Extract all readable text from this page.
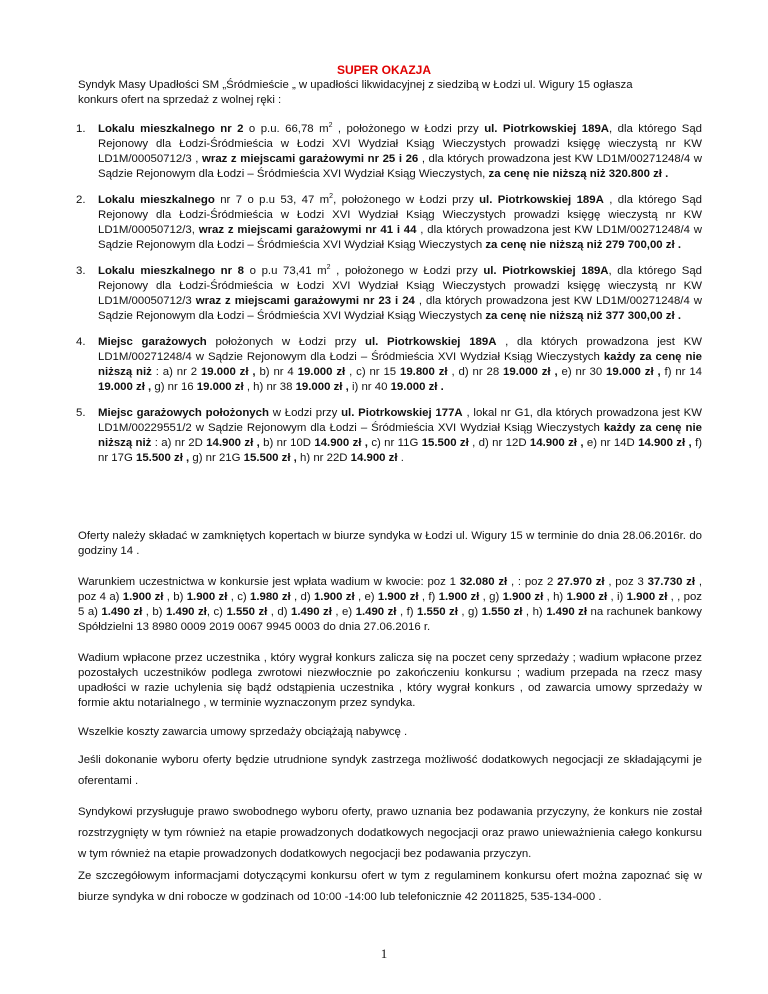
SUPER OKAZJA
Syndyk Masy Upadłości SM „Śródmieście „ w upadłości likwidacyjnej z siedzibą w Łodzi ul. Wigury 15 ogłasza
konkurs ofert na sprzedaż z wolnej ręki :
1. Lokalu mieszkalnego nr 2 o p.u. 66,78 $m^2$ , położonego w Łodzi przy ul. Piotrkowskiej 189A, dla którego Sąd Rejonowy dla Łodzi-Śródmieścia w Łodzi XVI Wydział Ksiąg Wieczystych prowadzi księgę wieczystą nr KW LD1M/00050712/3 , wraz z miejscami garażowymi nr 25 i 26 , dla których prowadzona jest KW LD1M/00271248/4 w Sądzie Rejonowym dla Łodzi – Śródmieścia XVI Wydział Ksiąg Wieczystych, za cenę nie niższą niż 320.800 zł .

2. Lokalu mieszkalnego nr 7 o p.u 53, 47 $m^2$, położonego w Łodzi przy ul. Piotrkowskiej 189A , dla którego Sąd Rejonowy dla Łodzi-Śródmieścia w Łodzi XVI Wydział Ksiąg Wieczystych prowadzi księgę wieczystą nr KW LD1M/00050712/3, wraz z miejscami garażowymi nr 41 i 44 , dla których prowadzona jest KW LD1M/00271248/4 w Sądzie Rejonowym dla Łodzi – Śródmieścia XVI Wydział Ksiąg Wieczystych za cenę nie niższą niż 279 700,00 zł .

3. Lokalu mieszkalnego nr 8 o p.u 73,41 $m^2$ , położonego w Łodzi przy ul. Piotrkowskiej 189A, dla którego Sąd Rejonowy dla Łodzi-Śródmieścia w Łodzi XVI Wydział Ksiąg Wieczystych prowadzi księgę wieczystą nr KW LD1M/00050712/3 wraz z miejscami garażowymi nr 23 i 24 , dla których prowadzona jest KW LD1M/00271248/4 w Sądzie Rejonowym dla Łodzi – Śródmieścia XVI Wydział Ksiąg Wieczystych za cenę nie niższą niż 377 300,00 zł .

4. Miejsc garażowych położonych w Łodzi przy ul. Piotrkowskiej 189A , dla których prowadzona jest KW LD1M/00271248/4 w Sądzie Rejonowym dla Łodzi – Śródmieścia XVI Wydział Ksiąg Wieczystych każdy za cenę nie niższą niż : a) nr 2 19.000 zł , b) nr 4 19.000 zł , c) nr 15 19.800 zł , d) nr 28 19.000 zł , e) nr 30 19.000 zł , f) nr 14 19.000 zł , g) nr 16 19.000 zł , h) nr 38 19.000 zł , i) nr 40 19.000 zł .

5. Miejsc garażowych położonych w Łodzi przy ul. Piotrkowskiej 177A , lokal nr G1, dla których prowadzona jest KW LD1M/00229551/2 w Sądzie Rejonowym dla Łodzi – Śródmieścia XVI Wydział Ksiąg Wieczystych każdy za cenę nie niższą niż : a) nr 2D 14.900 zł , b) nr 10D 14.900 zł , c) nr 11G 15.500 zł , d) nr 12D 14.900 zł , e) nr 14D 14.900 zł , f) nr 17G 15.500 zł , g) nr 21G 15.500 zł , h) nr 22D 14.900 zł .

Oferty należy składać w zamkniętych kopertach w biurze syndyka w Łodzi ul. Wigury 15 w terminie do dnia 28.06.2016r. do godziny 14 .

Warunkiem uczestnictwa w konkursie jest wpłata wadium w kwocie: poz 1 32.080 zł , : poz 2 27.970 zł , poz 3 37.730 zł , poz 4 a) 1.900 zł , b) 1.900 zł , c) 1.980 zł , d) 1.900 zł , e) 1.900 zł , f) 1.900 zł , g) 1.900 zł , h) 1.900 zł , i) 1.900 zł , , poz 5 a) 1.490 zł , b) 1.490 zł, c) 1.550 zł , d) 1.490 zł , e) 1.490 zł , f) 1.550 zł , g) 1.550 zł , h) 1.490 zł na rachunek bankowy Spółdzielni 13 8980 0009 2019 0067 9945 0003 do dnia 27.06.2016 r.

Wadium wpłacone przez uczestnika , który wygrał konkurs zalicza się na poczet ceny sprzedaży ; wadium wpłacone przez pozostałych uczestników podlega zwrotowi niezwłocznie po zakończeniu konkursu ; wadium przepada na rzecz masy upadłości w razie uchylenia się bądź odstąpienia uczestnika , który wygrał konkurs , od zawarcia umowy sprzedaży w formie aktu notarialnego , w terminie wyznaczonym przez syndyka.

Wszelkie koszty zawarcia umowy sprzedaży obciążają nabywcę .

Jeśli dokonanie wyboru oferty będzie utrudnione syndyk zastrzega możliwość dodatkowych negocjacji ze składającymi je oferentami .

Syndykowi przysługuje prawo swobodnego wyboru oferty, prawo uznania bez podawania przyczyny, że konkurs nie został rozstrzygnięty w tym również na etapie prowadzonych dodatkowych negocjacji oraz prawo unieważnienia całego konkursu w tym również na etapie prowadzonych dodatkowych negocjacji bez podawania przyczyn.

Ze szczegółowym informacjami dotyczącymi konkursu ofert w tym z regulaminem konkursu ofert można zapoznać się w biurze syndyka w dni robocze w godzinach od 10:00 -14:00 lub telefonicznie 42 2011825, 535-134-000 .

1
